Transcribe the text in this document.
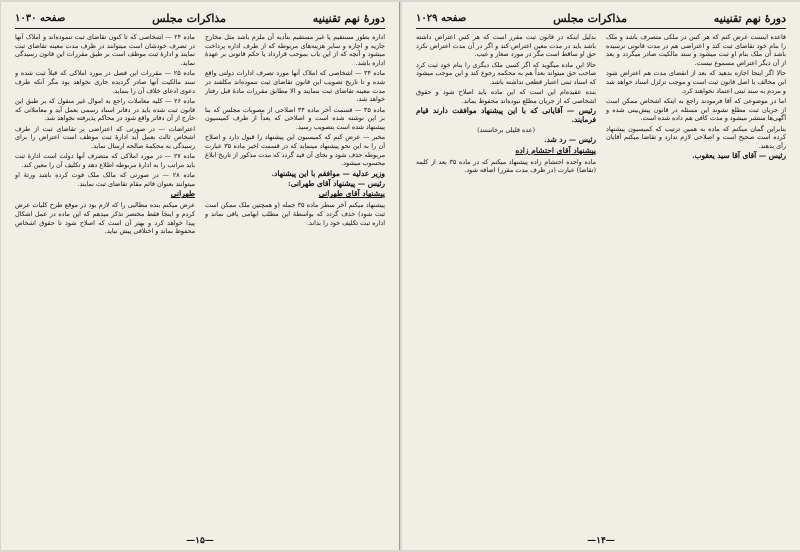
دورهٔ نهم تقنینیه
مذاکرات مجلس
صفحه ۱۰۳۰

اداره بطور مستقیم یا غیر مستقیم بتأدیه آن ملزم باشد مثل مخارج جاریه و اجاره و سایر هزینه‌های مربوطه که از طرف اداره پرداخت میشود و آنچه که از این باب بموجب قرارداد یا حکم قانونی بر عهدهٔ اداره باشد.

ماده ۳۴ — اشخاصی که املاک آنها مورد تصرف ادارات دولتی واقع شده و تا تاریخ تصویب این قانون تقاضای ثبت ننموده‌اند مکلفند در مدت معینه تقاضای ثبت بنمایند و الا مطابق مقررات مادهٔ قبل رفتار خواهد شد.

ماده ۳۵ — قسمت آخر ماده ۳۴ اصلاحی از مصوبات مجلس که بنا بر این نوشته شده است و اصلاحی که بعداً از طرف کمیسیون پیشنهاد شده است بتصویب رسید.

مخبر — عرض کنم که کمیسیون این پیشنهاد را قبول دارد و اصلاح آن را به این نحو پیشنهاد مینماید که در قسمت اخیر ماده ۳۵ عبارت مربوطه حذف شود و بجای آن قید گردد که مدت مذکور از تاریخ ابلاغ محسوب میشود.

وزیر عدلیه — موافقم با این پیشنهاد.

رئیس — پیشنهاد آقای طهرانی:

پیشنهاد آقای طهرانی

پیشنهاد میکنم آخر سطر ماده ۳۵ جمله (و همچنین ملک ممکن است ثبت شود) حذف گردد که بواسطهٔ این مطلب ابهامی باقی نماند و اداره ثبت تکلیف خود را بداند.

ماده ۲۴ — اشخاصی که تا کنون تقاضای ثبت ننموده‌اند و املاک آنها در تصرف خودشان است میتوانند در ظرف مدت معینه تقاضای ثبت نمایند و ادارهٔ ثبت موظف است بر طبق مقررات این قانون رسیدگی نماید.

ماده ۲۵ — مقررات این فصل در مورد املاکی که قبلاً ثبت شده و سند مالکیت آنها صادر گردیده جاری نخواهد بود مگر آنکه طرف دعوی ادعای خلاف آن را بنماید.

ماده ۲۶ — کلیه معاملات راجع به اموال غیر منقول که بر طبق این قانون ثبت شده باید در دفاتر اسناد رسمی بعمل آید و معاملاتی که خارج از آن دفاتر واقع شود در محاکم پذیرفته نخواهد شد.

اعتراضات — در صورتی که اعتراضی بر تقاضای ثبت از طرف اشخاص ثالث بعمل آید ادارهٔ ثبت موظف است اعتراض را برای رسیدگی به محکمهٔ صالحه ارسال نماید.

ماده ۲۷ — در مورد املاکی که متصرف آنها دولت است ادارهٔ ثبت باید مراتب را به ادارهٔ مربوطه اطلاع دهد و تکلیف آن را معین کند.

ماده ۲۸ — در صورتی که مالک ملک فوت کرده باشد ورثهٔ او میتوانند بعنوان قائم مقام تقاضای ثبت نمایند.

طهرانی

عرض میکنم بنده مطالبی را که لازم بود در موقع طرح کلیات عرض کردم و اینجا فقط مختصر تذکر میدهم که این ماده در عمل اشکال پیدا خواهد کرد و بهتر آن است که اصلاح شود تا حقوق اشخاص محفوظ بماند و اختلافی پیش نیاید.

—۱۵—
دورهٔ نهم تقنینیه
مذاکرات مجلس
صفحه ۱۰۲۹

قاعده اینست عرض کنم که هر کس در ملکی متصرف باشد و ملک را بنام خود تقاضای ثبت کند و اعتراضی هم در مدت قانونی نرسیده باشد آن ملک بنام او ثبت میشود و سند مالکیت صادر میگردد و بعد از آن دیگر اعتراض مسموع نیست.

حالا اگر اینجا اجازه بدهید که بعد از انقضای مدت هم اعتراض شود این مخالف با اصل قانون ثبت است و موجب تزلزل اسناد خواهد شد و مردم به سند ثبتی اعتماد نخواهند کرد.

اما در موضوعی که آقا فرمودند راجع به اینکه اشخاص ممکن است از جریان ثبت مطلع نشوند این مسئله در قانون پیش‌بینی شده و آگهی‌ها منتشر میشود و مدت کافی هم داده شده است.

بنابراین گمان میکنم که ماده به همین ترتیب که کمیسیون پیشنهاد کرده است صحیح است و اصلاحی لازم ندارد و تقاضا میکنم آقایان رأی بدهند.

رئیس — آقای آقا سید یعقوب.

بدلیل اینکه در قانون ثبت مقرر است که هر کس اعتراض داشته باشد باید در مدت معین اعتراض کند و اگر در آن مدت اعتراض نکرد حق او ساقط است مگر در مورد صغار و غیب.

حالا این ماده میگوید که اگر کسی ملک دیگری را بنام خود ثبت کرد صاحب حق میتواند بعداً هم به محکمه رجوع کند و این موجب میشود که اسناد ثبتی اعتبار قطعی نداشته باشد.

بنده عقیده‌ام این است که این ماده باید اصلاح شود و حقوق اشخاصی که از جریان مطلع نبوده‌اند محفوظ بماند.

رئیس — آقایانی که با این پیشنهاد موافقت دارند قیام فرمایند.

(عده قلیلی برخاستند)

رئیس — رد شد.

پیشنهاد آقای احتشام زاده

ماده واحده احتشام زاده پیشنهاد میکنم که در ماده ۳۵ بعد از کلمه (تقاضا) عبارت (در ظرف مدت مقرر) اضافه شود.

—۱۴—
